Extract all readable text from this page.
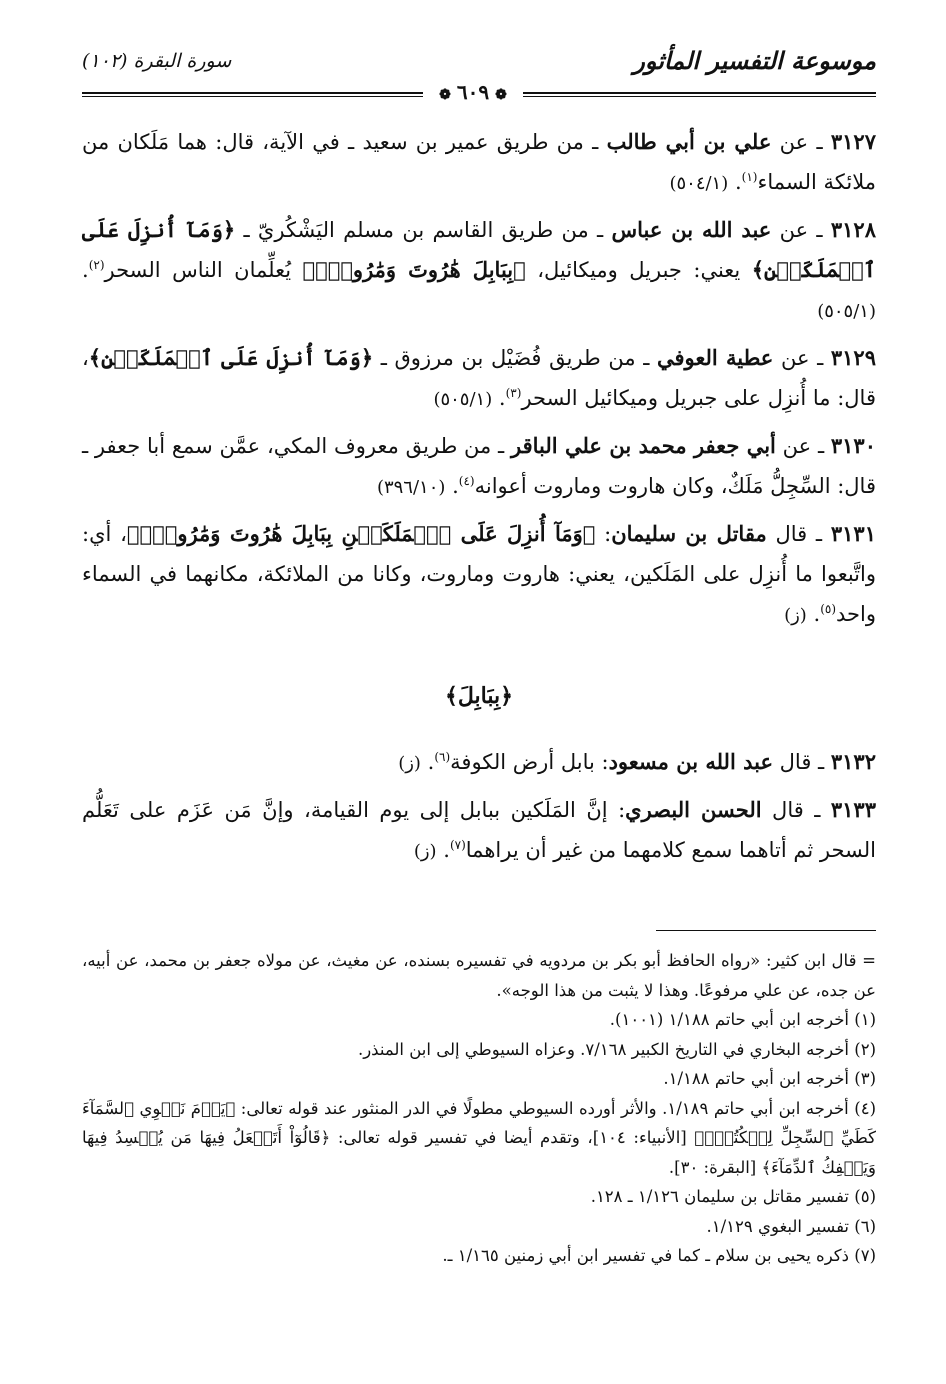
موسوعة التفسير المأثور
سورة البقرة (١٠٢)
❁٦٠٩❁

٣١٢٧ ـ عن علي بن أبي طالب ـ من طريق عمير بن سعيد ـ في الآية، قال: هما مَلَكان من ملائكة السماء$^{(١)}$. (٥٠٤/١)

٣١٢٨ ـ عن عبد الله بن عباس ـ من طريق القاسم بن مسلم اليَشْكُريّ ـ ﴿وَمَآ أُنزِلَ عَلَى ٱلۡمَلَكَيۡنِ﴾ يعني: جبريل وميكائيل، ﴿بِبَابِلَ هَٰرُوتَ وَمَٰرُوتَۚ﴾ يُعلِّمان الناس السحر$^{(٢)}$. (٥٠٥/١)

٣١٢٩ ـ عن عطية العوفي ـ من طريق فُضَيْل بن مرزوق ـ ﴿وَمَآ أُنزِلَ عَلَى ٱلۡمَلَكَيۡنِ﴾، قال: ما أُنزِل على جبريل وميكائيل السحر$^{(٣)}$. (٥٠٥/١)

٣١٣٠ ـ عن أبي جعفر محمد بن علي الباقر ـ من طريق معروف المكي، عمَّن سمع أبا جعفر ـ قال: السِّجِلُّ مَلَكٌ، وكان هاروت وماروت أعوانه$^{(٤)}$. (٣٩٦/١٠)

٣١٣١ ـ قال مقاتل بن سليمان: ﴿وَمَآ أُنزِلَ عَلَى ٱلۡمَلَكَيۡنِ بِبَابِلَ هَٰرُوتَ وَمَٰرُوتَۚ﴾، أي: واتَّبعوا ما أُنزِل على المَلَكين، يعني: هاروت وماروت، وكانا من الملائكة، مكانهما في السماء واحد$^{(٥)}$. (ز)

﴿بِبَابِلَ﴾

٣١٣٢ ـ قال عبد الله بن مسعود: بابل أرض الكوفة$^{(٦)}$. (ز)

٣١٣٣ ـ قال الحسن البصري: إنَّ المَلَكين ببابل إلى يوم القيامة، وإنَّ مَن عَزَم على تَعَلُّم السحر ثم أتاهما سمع كلامهما من غير أن يراهما$^{(٧)}$. (ز)

= قال ابن كثير: «رواه الحافظ أبو بكر بن مردويه في تفسيره بسنده، عن مغيث، عن مولاه جعفر بن محمد، عن أبيه، عن جده، عن علي مرفوعًا. وهذا لا يثبت من هذا الوجه».

(١) أخرجه ابن أبي حاتم ١/١٨٨ (١٠٠١).

(٢) أخرجه البخاري في التاريخ الكبير ٧/١٦٨. وعزاه السيوطي إلى ابن المنذر.

(٣) أخرجه ابن أبي حاتم ١/١٨٨.

(٤) أخرجه ابن أبي حاتم ١/١٨٩. والأثر أورده السيوطي مطولًا في الدر المنثور عند قوله تعالى: ﴿يَوۡمَ نَطۡوِي ٱلسَّمَآءَ كَطَيِّ ٱلسِّجِلِّ لِلۡكُتُبِۚ﴾ [الأنبياء: ١٠٤]، وتقدم أيضا في تفسير قوله تعالى: ﴿قَالُوٓاْ أَتَجۡعَلُ فِيهَا مَن يُفۡسِدُ فِيهَا وَيَسۡفِكُ ٱلدِّمَآءَ﴾ [البقرة: ٣٠].

(٥) تفسير مقاتل بن سليمان ١/١٢٦ ـ ١٢٨.

(٦) تفسير البغوي ١/١٢٩.

(٧) ذكره يحيى بن سلام ـ كما في تفسير ابن أبي زمنين ١/١٦٥ ـ.
